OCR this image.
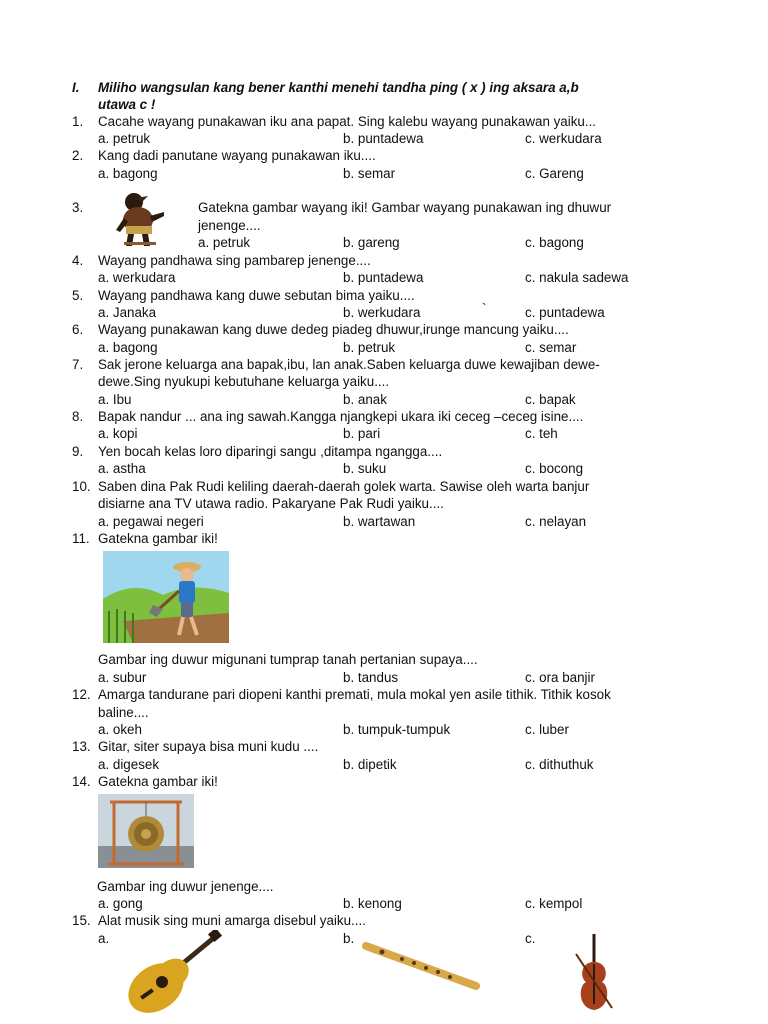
I. Miliho wangsulan kang bener kanthi menehi tandha ping ( x ) ing aksara a,b
utawa c !
1. Cacahe wayang punakawan iku ana papat. Sing kalebu wayang punakawan yaiku...
a. petruk	b. puntadewa	c. werkudara
2. Kang dadi panutane wayang punakawan iku....
a. bagong	b. semar	c. Gareng
3.	Gatekna gambar wayang iki! Gambar wayang punakawan ing dhuwur
jenenge....
a. petruk	b. gareng	c. bagong
4. Wayang pandhawa sing pambarep jenenge....
a. werkudara	b. puntadewa	c. nakula sadewa
5. Wayang pandhawa kang duwe sebutan bima yaiku....
a. Janaka	b. werkudara	`	c. puntadewa
6. Wayang punakawan kang duwe dedeg piadeg dhuwur,irunge mancung yaiku....
a. bagong	b. petruk	c. semar
7. Sak jerone keluarga ana bapak,ibu, lan anak.Saben keluarga duwe kewajiban dewe-
dewe.Sing nyukupi kebutuhane keluarga yaiku....
a. Ibu	b. anak	c. bapak
8. Bapak nandur ... ana ing sawah.Kangga njangkepi ukara iki ceceg –ceceg isine....
a. kopi	b. pari	c. teh
9. Yen bocah kelas loro diparingi sangu ,ditampa ngangga....
a. astha	b. suku	c. bocong
10. Saben dina Pak Rudi keliling daerah-daerah golek warta. Sawise oleh warta banjur
disiarne ana TV utawa radio. Pakaryane Pak Rudi yaiku....
a. pegawai negeri	b. wartawan	c. nelayan
11. Gatekna gambar iki!
Gambar ing duwur migunani tumprap tanah pertanian supaya....
a. subur	b. tandus	c. ora banjir
12. Amarga tandurane pari diopeni kanthi premati, mula mokal yen asile tithik. Tithik kosok
baline....
a. okeh	b. tumpuk-tumpuk	c. luber
13. Gitar, siter supaya bisa muni kudu ....
a. digesek	b. dipetik	c. dithuthuk
14. Gatekna gambar iki!
Gambar ing duwur jenenge....
a. gong	b. kenong	c. kempol
15. Alat musik sing muni amarga disebul yaiku....
a.	b.	c.
